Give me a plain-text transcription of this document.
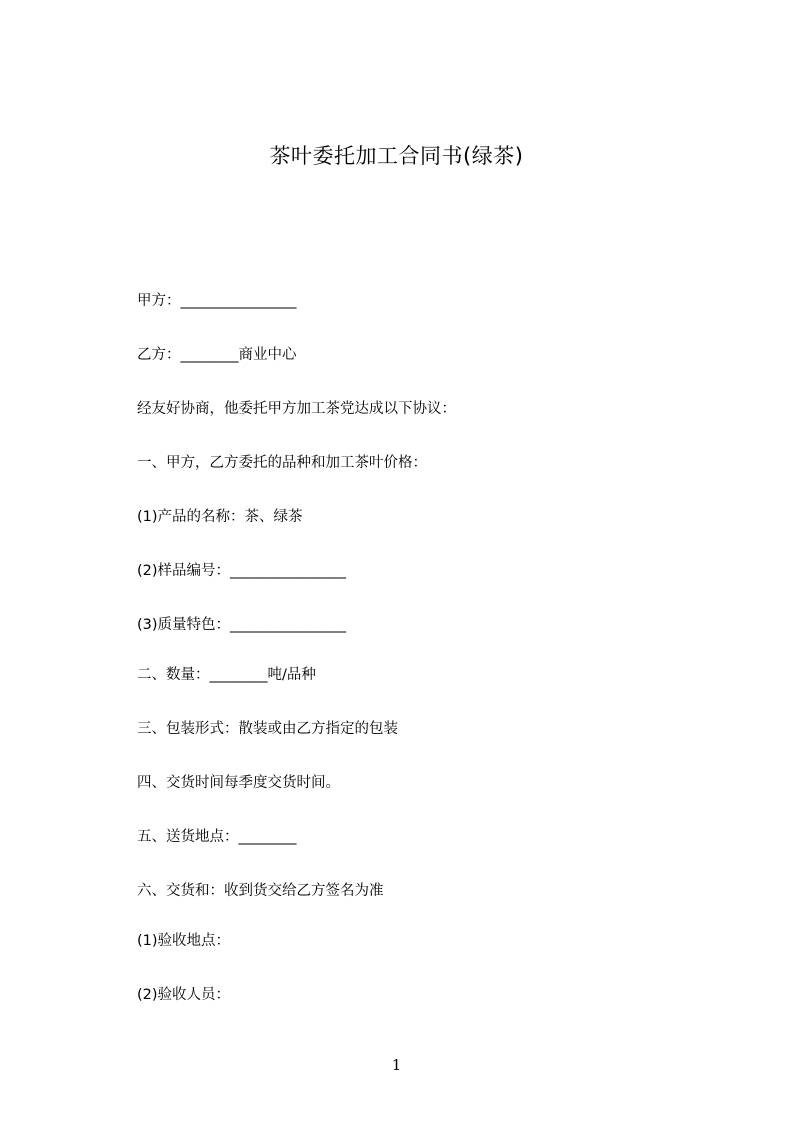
茶叶委托加工合同书(绿茶)

甲方：________________

乙方：________商业中心

经友好协商，他委托甲方加工茶党达成以下协议：

一、甲方，乙方委托的品种和加工茶叶价格：

(1)产品的名称：茶、绿茶

(2)样品编号：________________

(3)质量特色：________________

二、数量：________吨/品种

三、包装形式：散装或由乙方指定的包装

四、交货时间每季度交货时间。

五、送货地点：________

六、交货和：收到货交给乙方签名为准

(1)验收地点：

(2)验收人员：

1
